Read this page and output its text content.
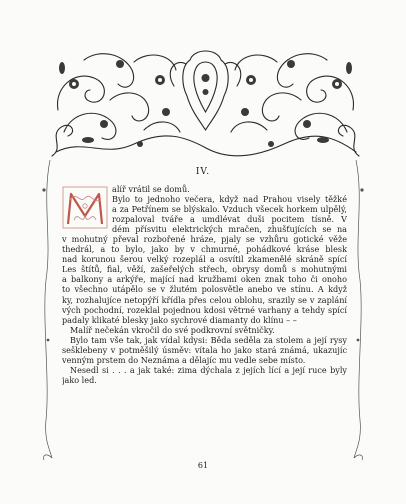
IV.
alíř vrátil se domů.
Bylo to jednoho večera, když nad Prahou visely těžké
a za Petřínem se blýskalo. Vzduch všecek horkem ulpělý,
rozpaloval tváře a umdlévat duši pocitem tísně. V
dém přísvitu elektrických mračen, zhušťujících se na
v mohutný převal rozbořené hráze, pjaly se vzhůru gotické věže
thedrál, a to bylo, jako by v chmurné, pohádkové kráse blesk
nad korunou šerou velký rozeplál a osvítil zkamenělé skráně spící
Les štítů, fial, věží, zašeřelých střech, obrysy domů s mohutnými
a balkony a arkýře, mající nad kružbami oken znak toho či onoho
to všechno utápělo se v žlutém polosvětle anebo ve stínu. A když
ky, rozhalujíce netopýří křídla přes celou oblohu, srazily se v zaplání
vých pochodní, rozeklal pojednou kdosi větrné varhany a tehdy spící
padaly klikaté blesky jako sychrové diamanty do klínu – –
Malíř nečekán vkročil do své podkrovní světničky.
Bylo tam vše tak, jak vídal kdysi: Běda seděla za stolem a její rysy
sešklebeny v potměšilý úsměv: vítala ho jako stará známá, ukazujíc
venným prstem do Neznáma a dělajíc mu vedle sebe místo.
Nesedl si . . . a jak také: zima dýchala z jejích lící a její ruce byly
jako led.
61
